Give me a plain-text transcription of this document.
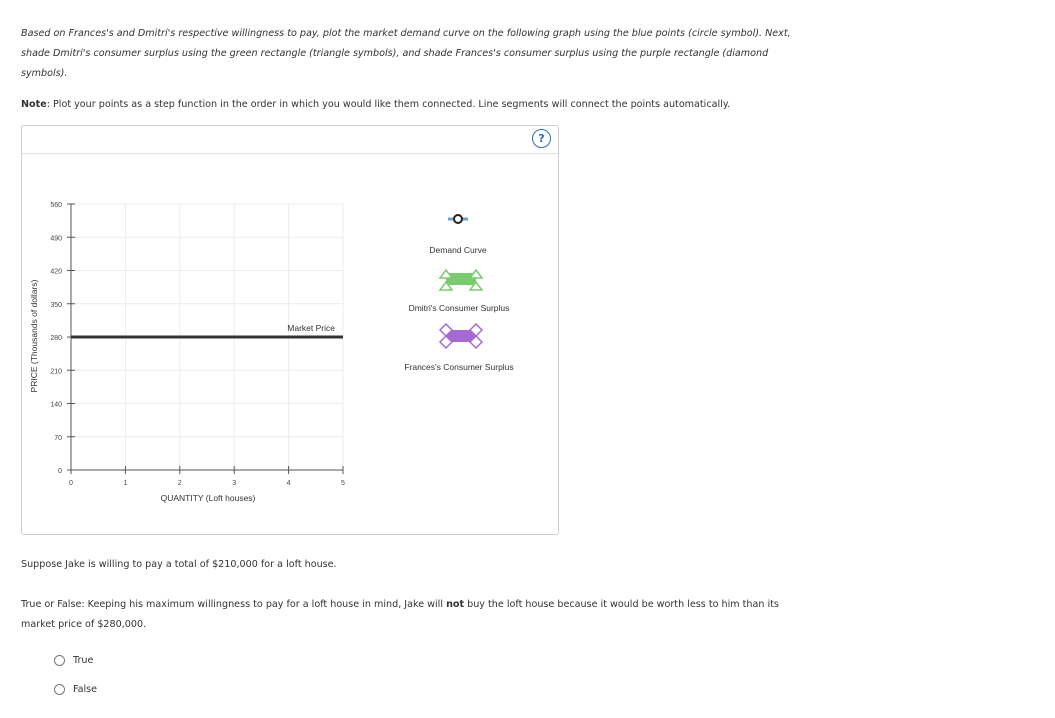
Based on Frances's and Dmitri's respective willingness to pay, plot the market demand curve on the following graph using the blue points (circle symbol). Next, shade Dmitri's consumer surplus using the green rectangle (triangle symbols), and shade Frances's consumer surplus using the purple rectangle (diamond symbols).
Note: Plot your points as a step function in the order in which you would like them connected. Line segments will connect the points automatically.
?
0
70
140
210
280
350
420
490
560
0	1	2	3	4	5
PRICE (Thousands of dollars)
QUANTITY (Loft houses)
Market Price
Demand Curve
Dmitri's Consumer Surplus
Frances's Consumer Surplus
Suppose Jake is willing to pay a total of $210,000 for a loft house.
True or False: Keeping his maximum willingness to pay for a loft house in mind, Jake will not buy the loft house because it would be worth less to him than its market price of $280,000.
True
False
